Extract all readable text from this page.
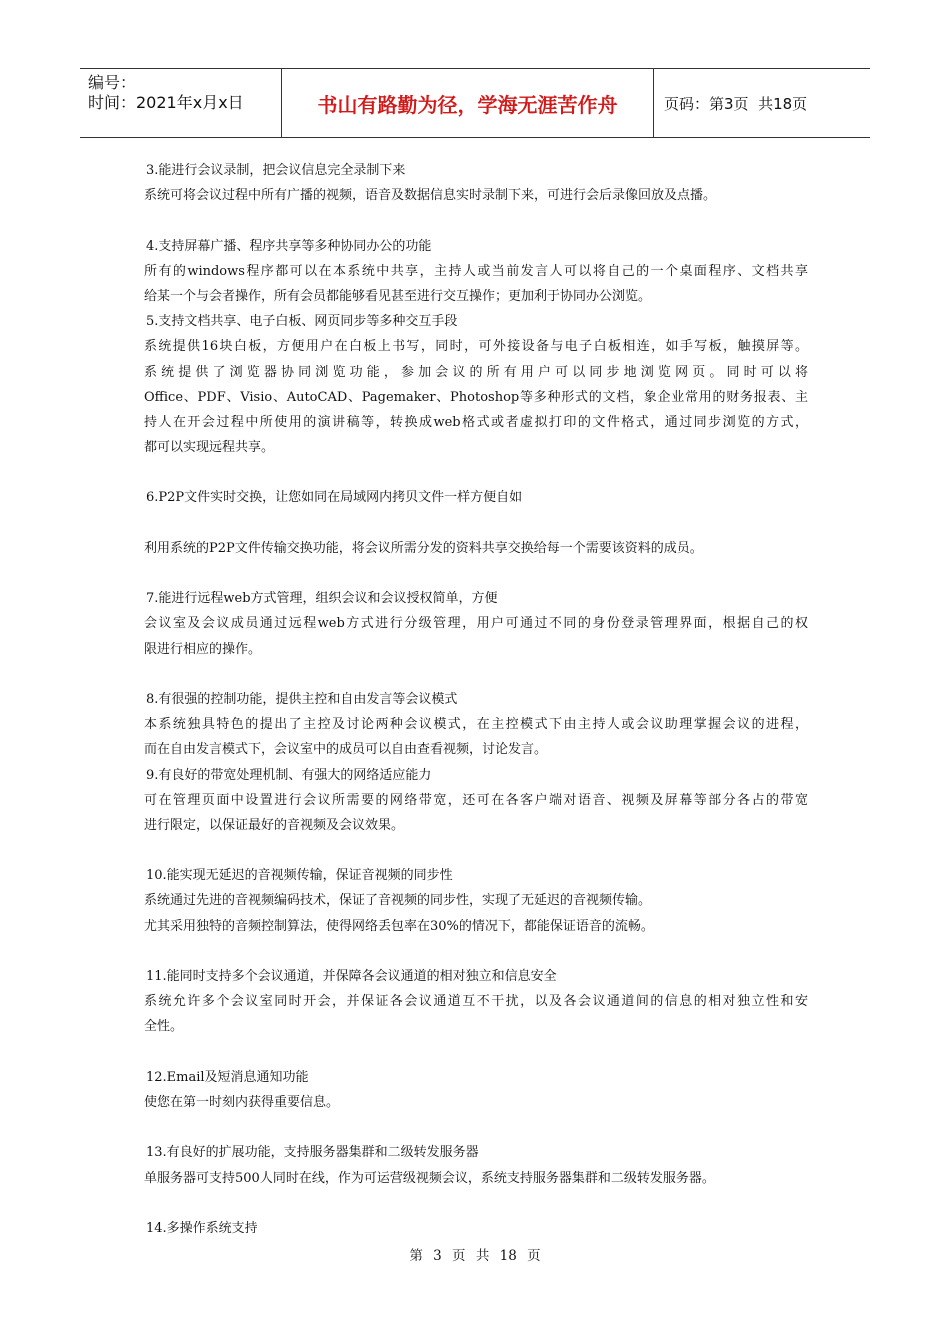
编号：
时间：2021年x月x日	书山有路勤为径，学海无涯苦作舟	页码：第3页  共18页
3.能进行会议录制，把会议信息完全录制下来
系统可将会议过程中所有广播的视频，语音及数据信息实时录制下来，可进行会后录像回放及点播。
4.支持屏幕广播、程序共享等多种协同办公的功能
所有的windows程序都可以在本系统中共享，主持人或当前发言人可以将自己的一个桌面程序、文档共享
给某一个与会者操作，所有会员都能够看见甚至进行交互操作；更加利于协同办公浏览。
5.支持文档共享、电子白板、网页同步等多种交互手段
系统提供16块白板，方便用户在白板上书写，同时，可外接设备与电子白板相连，如手写板，触摸屏等。
系统提供了浏览器协同浏览功能，参加会议的所有用户可以同步地浏览网页。同时可以将
Office、PDF、Visio、AutoCAD、Pagemaker、Photoshop等多种形式的文档，象企业常用的财务报表、主
持人在开会过程中所使用的演讲稿等，转换成web格式或者虚拟打印的文件格式，通过同步浏览的方式，
都可以实现远程共享。
6.P2P文件实时交换，让您如同在局域网内拷贝文件一样方便自如
利用系统的P2P文件传输交换功能，将会议所需分发的资料共享交换给每一个需要该资料的成员。
7.能进行远程web方式管理，组织会议和会议授权简单，方便
会议室及会议成员通过远程web方式进行分级管理，用户可通过不同的身份登录管理界面，根据自己的权
限进行相应的操作。
8.有很强的控制功能，提供主控和自由发言等会议模式
本系统独具特色的提出了主控及讨论两种会议模式，在主控模式下由主持人或会议助理掌握会议的进程，
而在自由发言模式下，会议室中的成员可以自由查看视频，讨论发言。
9.有良好的带宽处理机制、有强大的网络适应能力
可在管理页面中设置进行会议所需要的网络带宽，还可在各客户端对语音、视频及屏幕等部分各占的带宽
进行限定，以保证最好的音视频及会议效果。
10.能实现无延迟的音视频传输，保证音视频的同步性
系统通过先进的音视频编码技术，保证了音视频的同步性，实现了无延迟的音视频传输。
尤其采用独特的音频控制算法，使得网络丢包率在30%的情况下，都能保证语音的流畅。
11.能同时支持多个会议通道，并保障各会议通道的相对独立和信息安全
系统允许多个会议室同时开会，并保证各会议通道互不干扰，以及各会议通道间的信息的相对独立性和安
全性。
12.Email及短消息通知功能
使您在第一时刻内获得重要信息。
13.有良好的扩展功能，支持服务器集群和二级转发服务器
单服务器可支持500人同时在线，作为可运营级视频会议，系统支持服务器集群和二级转发服务器。
14.多操作系统支持
第 3 页 共 18 页
